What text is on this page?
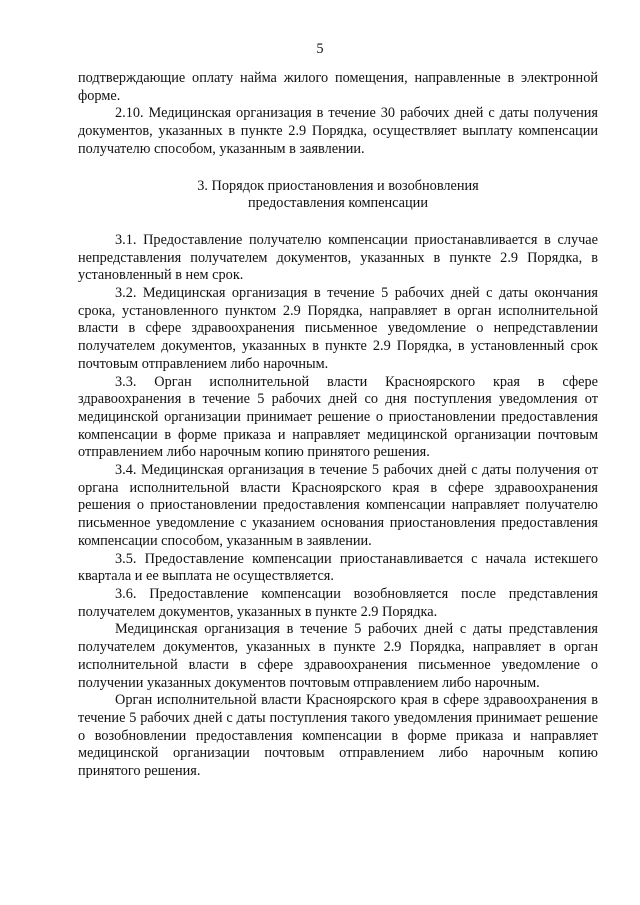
5

подтверждающие оплату найма жилого помещения, направленные в электронной форме.

2.10. Медицинская организация в течение 30 рабочих дней с даты получения документов, указанных в пункте 2.9 Порядка, осуществляет выплату компенсации получателю способом, указанным в заявлении.

3. Порядок приостановления и возобновления

предоставления компенсации

3.1. Предоставление получателю компенсации приостанавливается в случае непредставления получателем документов, указанных в пункте 2.9 Порядка, в установленный в нем срок.

3.2. Медицинская организация в течение 5 рабочих дней с даты окончания срока, установленного пунктом 2.9 Порядка, направляет в орган исполнительной власти в сфере здравоохранения письменное уведомление о непредставлении получателем документов, указанных в пункте 2.9 Порядка, в установленный срок почтовым отправлением либо нарочным.

3.3. Орган исполнительной власти Красноярского края в сфере здравоохранения в течение 5 рабочих дней со дня поступления уведомления от медицинской организации принимает решение о приостановлении предоставления компенсации в форме приказа и направляет медицинской организации почтовым отправлением либо нарочным копию принятого решения.

3.4. Медицинская организация в течение 5 рабочих дней с даты получения от органа исполнительной власти Красноярского края в сфере здравоохранения решения о приостановлении предоставления компенсации направляет получателю письменное уведомление с указанием основания приостановления предоставления компенсации способом, указанным в заявлении.

3.5. Предоставление компенсации приостанавливается с начала истекшего квартала и ее выплата не осуществляется.

3.6. Предоставление компенсации возобновляется после представления получателем документов, указанных в пункте 2.9 Порядка.

Медицинская организация в течение 5 рабочих дней с даты представления получателем документов, указанных в пункте 2.9 Порядка, направляет в орган исполнительной власти в сфере здравоохранения письменное уведомление о получении указанных документов почтовым отправлением либо нарочным.

Орган исполнительной власти Красноярского края в сфере здравоохранения в течение 5 рабочих дней с даты поступления такого уведомления принимает решение о возобновлении предоставления компенсации в форме приказа и направляет медицинской организации почтовым отправлением либо нарочным копию принятого решения.
